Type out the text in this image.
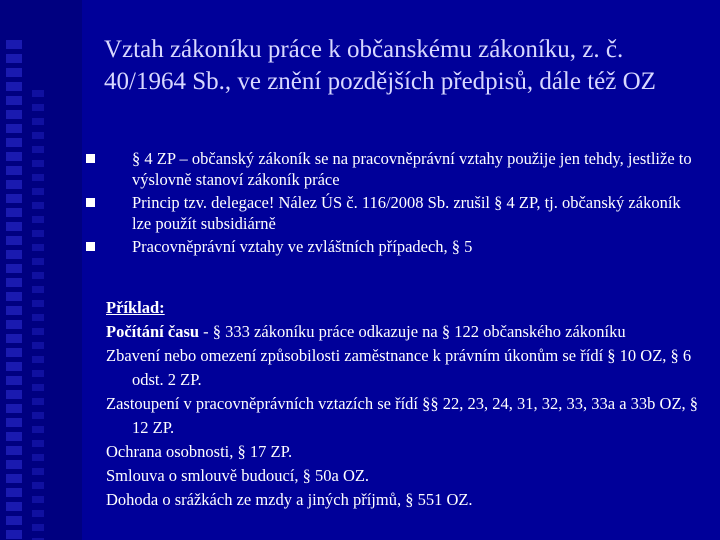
Vztah zákoníku práce k občanskému zákoníku, z. č. 40/1964 Sb., ve znění pozdějších předpisů, dále též OZ
§ 4 ZP – občanský zákoník se na pracovněprávní vztahy použije jen tehdy, jestliže to výslovně stanoví zákoník práce
Princip tzv. delegace! Nález ÚS č. 116/2008 Sb. zrušil § 4 ZP, tj. občanský zákoník lze použít subsidiárně
Pracovněprávní vztahy ve zvláštních případech, § 5

Příklad:

Počítání času - § 333 zákoníku práce odkazuje na § 122 občanského zákoníku

Zbavení nebo omezení způsobilosti zaměstnance k právním úkonům se řídí § 10 OZ, § 6 odst. 2 ZP.

Zastoupení v pracovněprávních vztazích se řídí §§ 22, 23, 24, 31, 32, 33, 33a a 33b OZ, § 12 ZP.

Ochrana osobnosti, § 17 ZP.

Smlouva o smlouvě budoucí, § 50a OZ.

Dohoda o srážkách ze mzdy a jiných příjmů, § 551 OZ.
